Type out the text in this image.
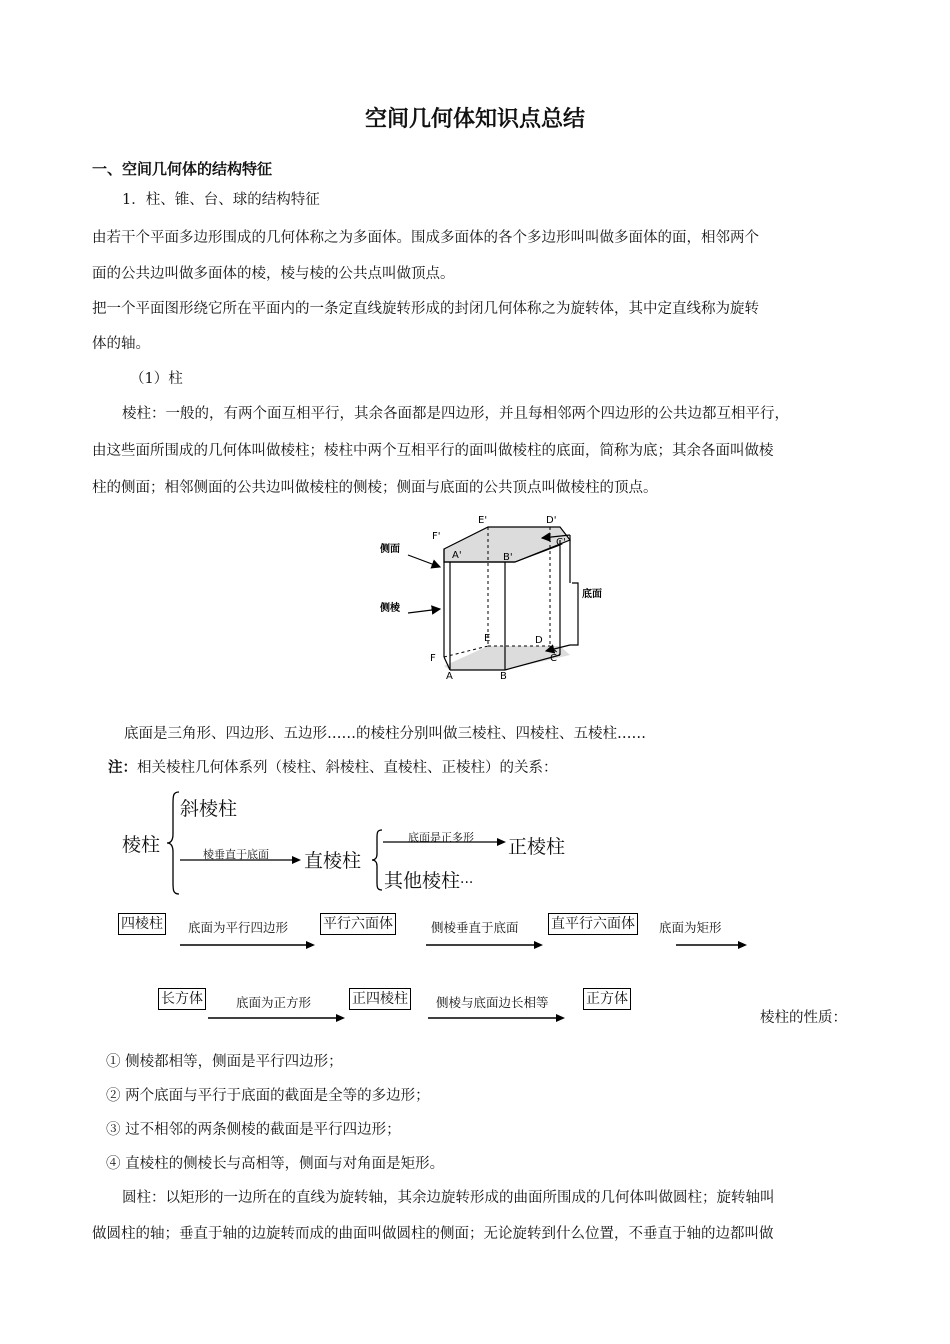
空间几何体知识点总结
一、空间几何体的结构特征
1．柱、锥、台、球的结构特征
由若干个平面多边形围成的几何体称之为多面体。围成多面体的各个多边形叫叫做多面体的面，相邻两个
面的公共边叫做多面体的棱，棱与棱的公共点叫做顶点。
把一个平面图形绕它所在平面内的一条定直线旋转形成的封闭几何体称之为旋转体，其中定直线称为旋转
体的轴。
（1）柱
棱柱：一般的，有两个面互相平行，其余各面都是四边形，并且每相邻两个四边形的公共边都互相平行，
由这些面所围成的几何体叫做棱柱；棱柱中两个互相平行的面叫做棱柱的底面，简称为底；其余各面叫做棱
柱的侧面；相邻侧面的公共边叫做棱柱的侧棱；侧面与底面的公共顶点叫做棱柱的顶点。
侧面
侧棱
底面
E'	D'
F'
C'
A'	B'
E	D
F	C
A	B
底面是三角形、四边形、五边形……的棱柱分别叫做三棱柱、四棱柱、五棱柱……
注：相关棱柱几何体系列（棱柱、斜棱柱、直棱柱、正棱柱）的关系：
棱柱
斜棱柱
棱垂直于底面 直棱柱
底面是正多形 正棱柱
其他棱柱···
四棱柱 底面为平行四边形 平行六面体	侧棱垂直于底面 直平行六面体 底面为矩形
长方体	底面为正方形	正四棱柱 侧棱与底面边长相等	正方体
棱柱的性质：
① 侧棱都相等，侧面是平行四边形；
② 两个底面与平行于底面的截面是全等的多边形；
③ 过不相邻的两条侧棱的截面是平行四边形；
④ 直棱柱的侧棱长与高相等，侧面与对角面是矩形。
圆柱：以矩形的一边所在的直线为旋转轴，其余边旋转形成的曲面所围成的几何体叫做圆柱；旋转轴叫
做圆柱的轴；垂直于轴的边旋转而成的曲面叫做圆柱的侧面；无论旋转到什么位置，不垂直于轴的边都叫做
